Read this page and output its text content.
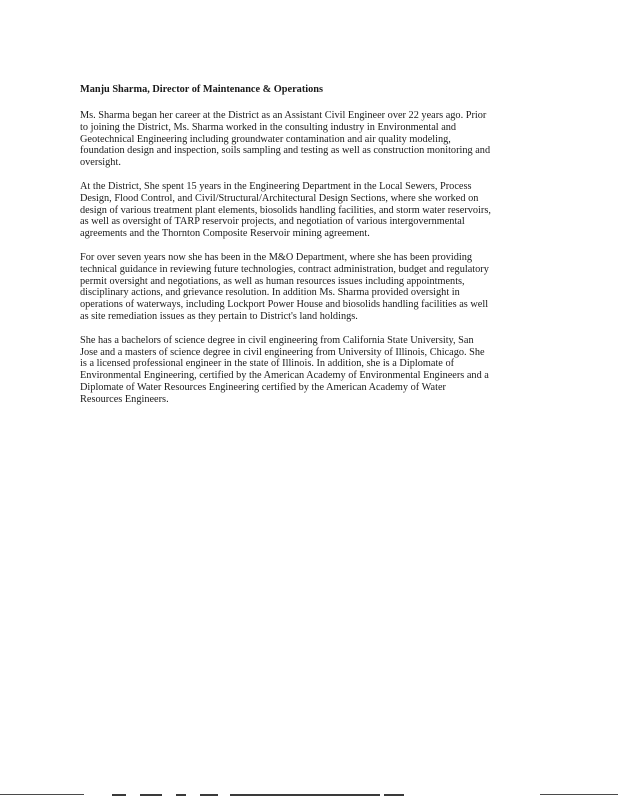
Manju Sharma, Director of Maintenance & Operations
Ms. Sharma began her career at the District as an Assistant Civil Engineer over 22 years ago. Prior
to joining the District, Ms. Sharma worked in the consulting industry in Environmental and
Geotechnical Engineering including groundwater contamination and air quality modeling,
foundation design and inspection, soils sampling and testing as well as construction monitoring and
oversight.
At the District, She spent 15 years in the Engineering Department in the Local Sewers, Process
Design, Flood Control, and Civil/Structural/Architectural Design Sections, where she worked on
design of various treatment plant elements, biosolids handling facilities, and storm water reservoirs,
as well as oversight of TARP reservoir projects, and negotiation of various intergovernmental
agreements and the Thornton Composite Reservoir mining agreement.
For over seven years now she has been in the M&O Department, where she has been providing
technical guidance in reviewing future technologies, contract administration, budget and regulatory
permit oversight and negotiations, as well as human resources issues including appointments,
disciplinary actions, and grievance resolution. In addition Ms. Sharma provided oversight in
operations of waterways, including Lockport Power House and biosolids handling facilities as well
as site remediation issues as they pertain to District's land holdings.
She has a bachelors of science degree in civil engineering from California State University, San
Jose and a masters of science degree in civil engineering from University of Illinois, Chicago. She
is a licensed professional engineer in the state of Illinois. In addition, she is a Diplomate of
Environmental Engineering, certified by the American Academy of Environmental Engineers and a
Diplomate of Water Resources Engineering certified by the American Academy of Water
Resources Engineers.
